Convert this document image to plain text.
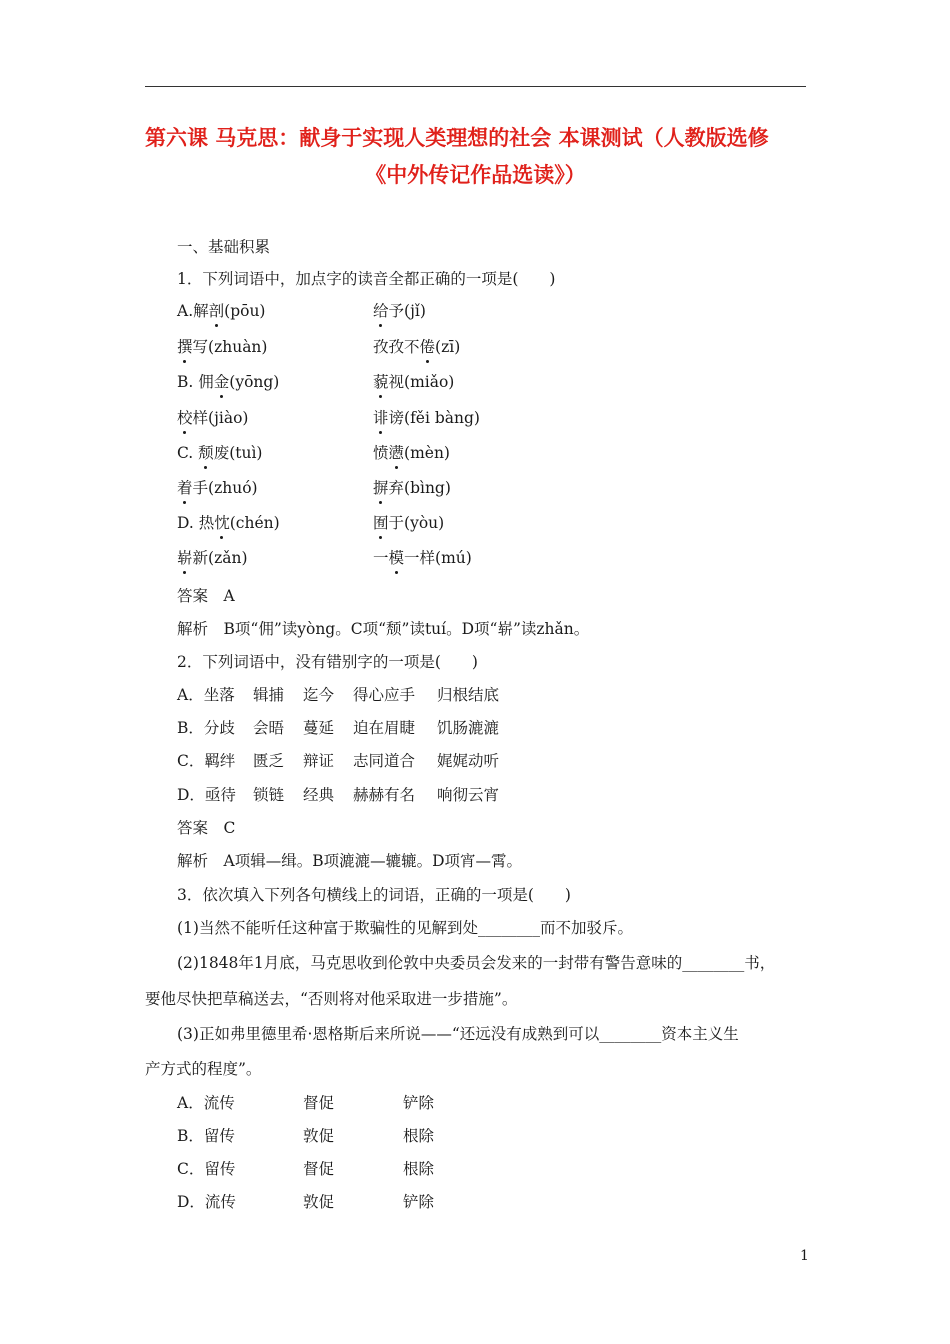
第六课 马克思：献身于实现人类理想的社会 本课测试（人教版选修
《中外传记作品选读》）
一、基础积累
1．下列词语中，加点字的读音全都正确的一项是(　　)
A.解剖(pōu)	给予(jǐ)
撰写(zhuàn)	孜孜不倦(zī)
B. 佣金(yōng)	藐视(miǎo)
校样(jiào)	诽谤(fěi bàng)
C. 颓废(tuì)	愤懑(mèn)
着手(zhuó)	摒弃(bìng)
D. 热忱(chén)	囿于(yòu)
崭新(zǎn)	一模一样(mú)
答案　A
解析　B项“佣”读yòng。C项“颓”读tuí。D项“崭”读zhǎn。
2．下列词语中，没有错别字的一项是(　　)
A．坐落 辑捕 迄今 得心应手 归根结底
B．分歧 会晤 蔓延 迫在眉睫 饥肠漉漉
C．羁绊 匮乏 辩证 志同道合 娓娓动听
D．亟待 锁链 经典 赫赫有名 响彻云宵
答案　C
解析　A项辑—缉。B项漉漉—辘辘。D项宵—霄。
3．依次填入下列各句横线上的词语，正确的一项是(　　)
(1)当然不能听任这种富于欺骗性的见解到处________而不加驳斥。
(2)1848年1月底，马克思收到伦敦中央委员会发来的一封带有警告意味的________书，
要他尽快把草稿送去，“否则将对他采取进一步措施”。
(3)正如弗里德里希·恩格斯后来所说——“还远没有成熟到可以________资本主义生
产方式的程度”。
A．流传	督促	铲除
B．留传	敦促	根除
C．留传	督促	根除
D．流传	敦促	铲除
1
